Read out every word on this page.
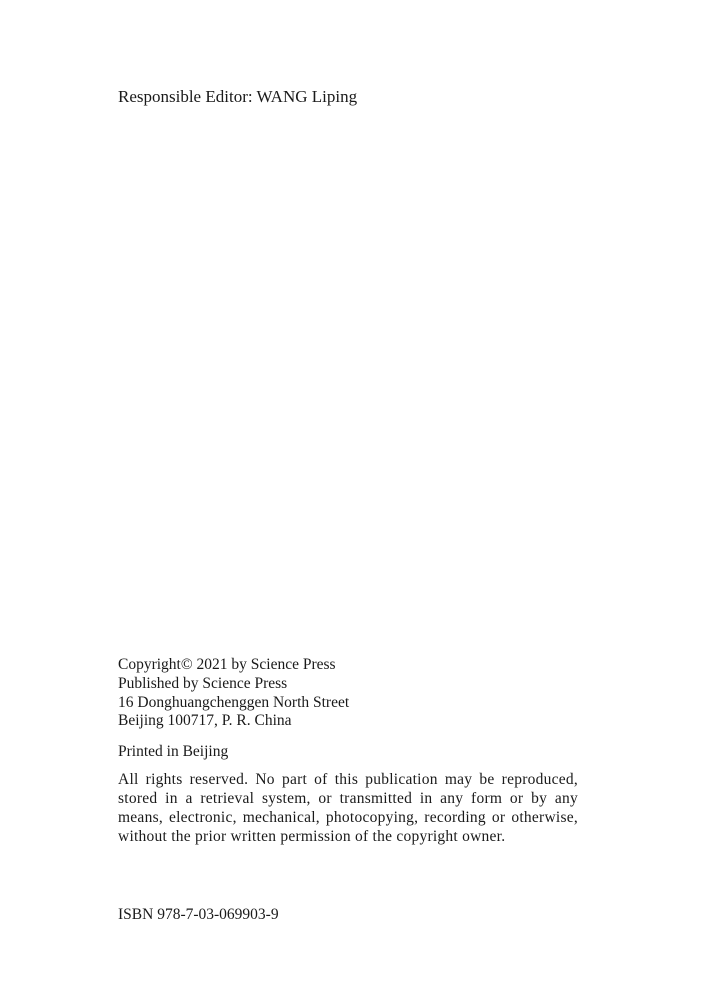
Responsible Editor: WANG Liping
Copyright© 2021 by Science Press
Published by Science Press
16 Donghuangchenggen North Street
Beijing 100717, P. R. China
Printed in Beijing
All rights reserved. No part of this publication may be reproduced, stored in a retrieval system, or transmitted in any form or by any means, electronic, mechanical, photocopying, recording or otherwise, without the prior written permission of the copyright owner.
ISBN 978-7-03-069903-9
